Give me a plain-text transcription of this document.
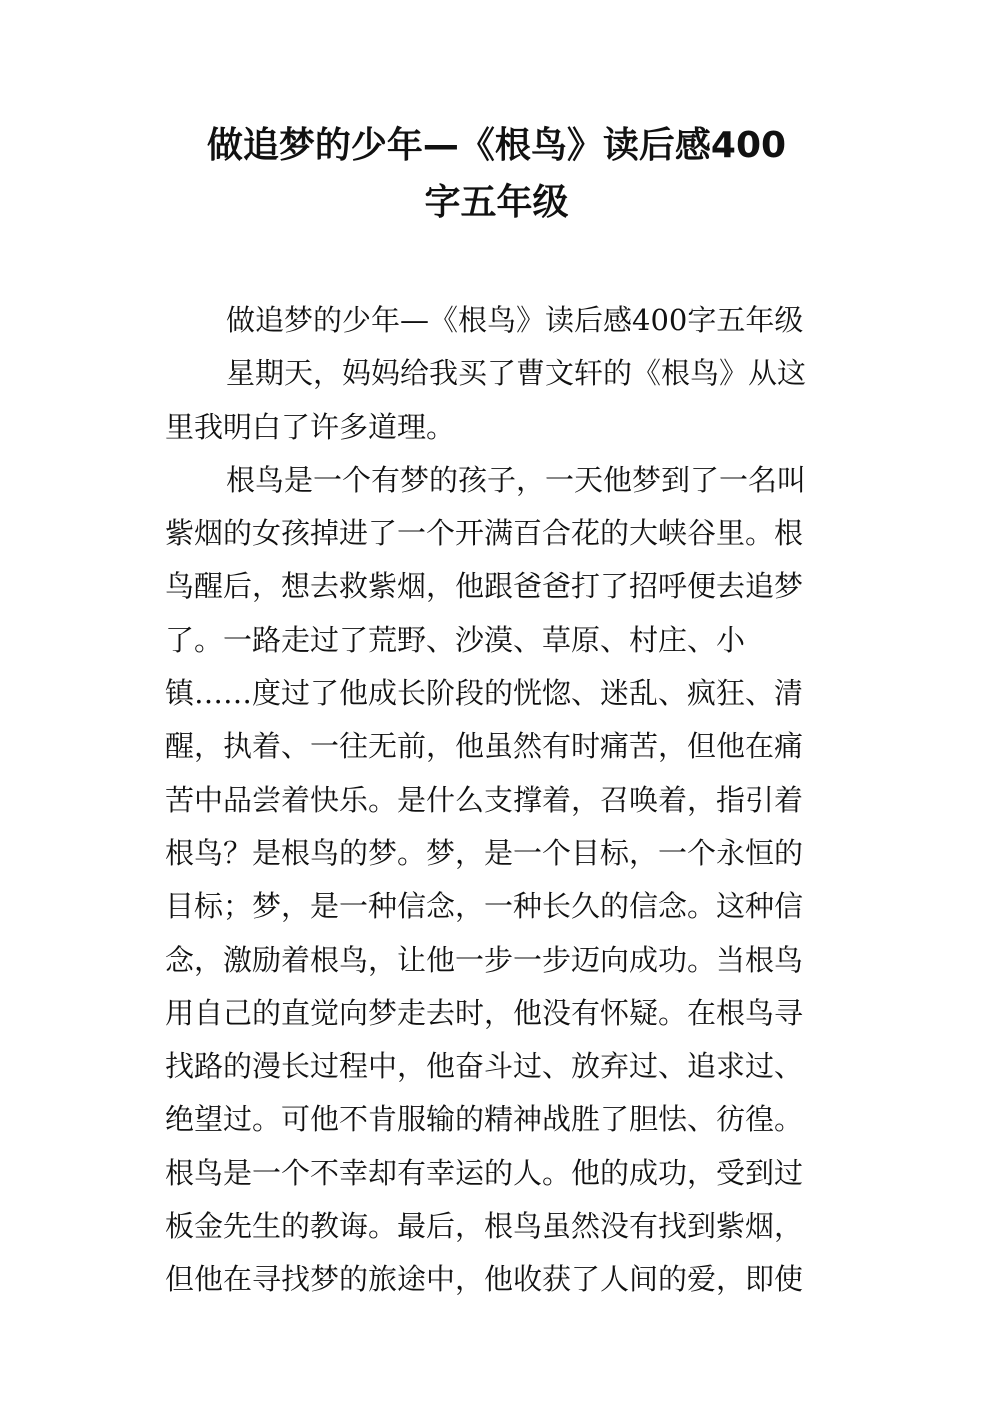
做追梦的少年—《根鸟》读后感400
字五年级
做追梦的少年—《根鸟》读后感400字五年级
星期天，妈妈给我买了曹文轩的《根鸟》从这
里我明白了许多道理。
根鸟是一个有梦的孩子，一天他梦到了一名叫
紫烟的女孩掉进了一个开满百合花的大峡谷里。根
鸟醒后，想去救紫烟，他跟爸爸打了招呼便去追梦
了。一路走过了荒野、沙漠、草原、村庄、小
镇……度过了他成长阶段的恍惚、迷乱、疯狂、清
醒，执着、一往无前，他虽然有时痛苦，但他在痛
苦中品尝着快乐。是什么支撑着，召唤着，指引着
根鸟？是根鸟的梦。梦，是一个目标，一个永恒的
目标；梦，是一种信念，一种长久的信念。这种信
念，激励着根鸟，让他一步一步迈向成功。当根鸟
用自己的直觉向梦走去时，他没有怀疑。在根鸟寻
找路的漫长过程中，他奋斗过、放弃过、追求过、
绝望过。可他不肯服输的精神战胜了胆怯、彷徨。
根鸟是一个不幸却有幸运的人。他的成功，受到过
板金先生的教诲。最后，根鸟虽然没有找到紫烟，
但他在寻找梦的旅途中，他收获了人间的爱，即使
